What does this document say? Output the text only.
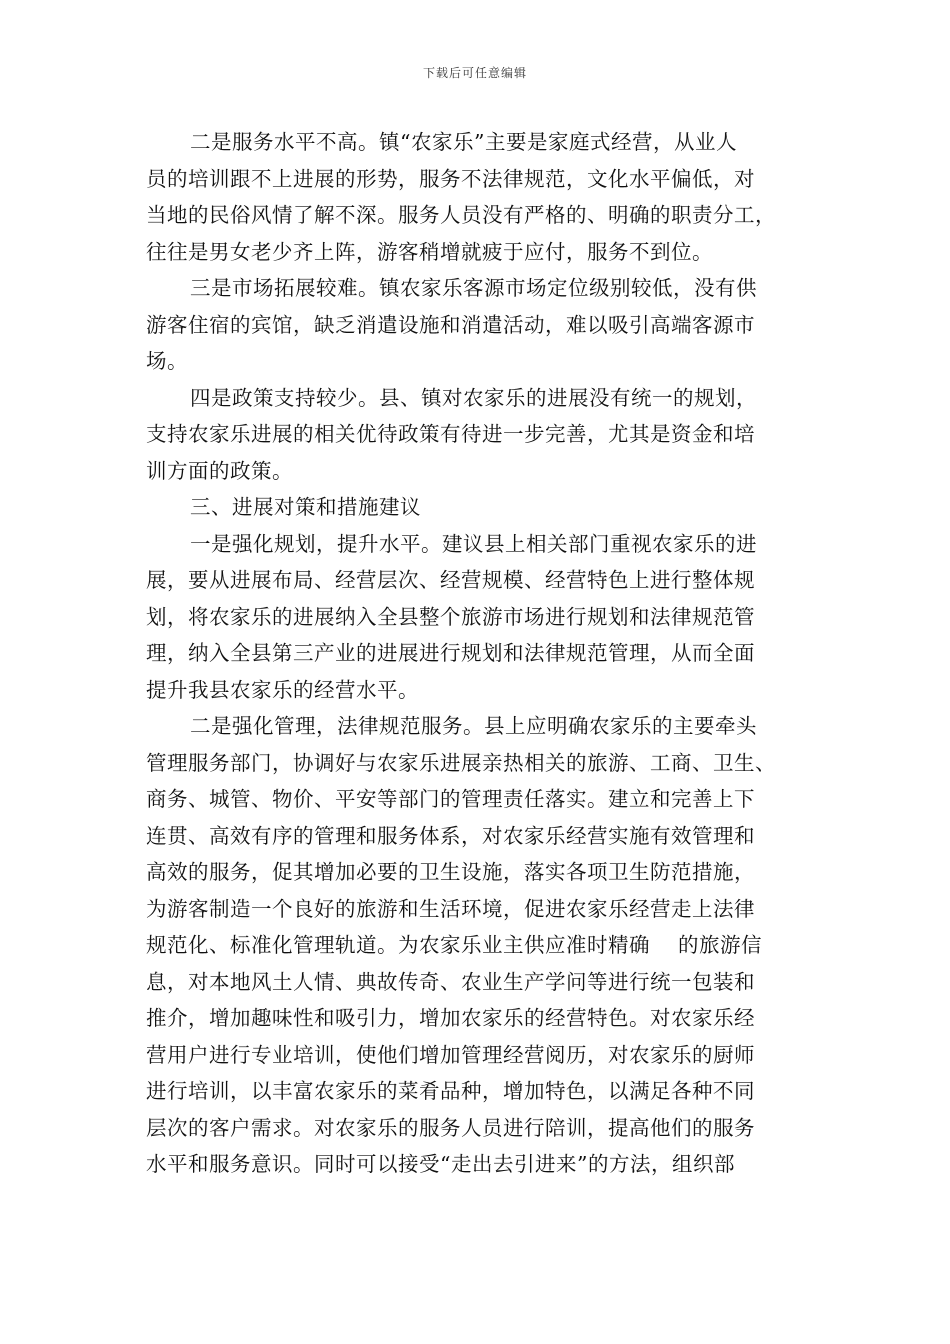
下载后可任意编辑
二是服务水平不高。镇“农家乐”主要是家庭式经营，从业人
员的培训跟不上进展的形势，服务不法律规范，文化水平偏低，对
当地的民俗风情了解不深。服务人员没有严格的、明确的职责分工，
往往是男女老少齐上阵，游客稍增就疲于应付，服务不到位。
三是市场拓展较难。镇农家乐客源市场定位级别较低，没有供
游客住宿的宾馆，缺乏消遣设施和消遣活动，难以吸引高端客源市
场。
四是政策支持较少。县、镇对农家乐的进展没有统一的规划，
支持农家乐进展的相关优待政策有待进一步完善，尤其是资金和培
训方面的政策。
三、进展对策和措施建议
一是强化规划，提升水平。建议县上相关部门重视农家乐的进
展，要从进展布局、经营层次、经营规模、经营特色上进行整体规
划，将农家乐的进展纳入全县整个旅游市场进行规划和法律规范管
理，纳入全县第三产业的进展进行规划和法律规范管理，从而全面
提升我县农家乐的经营水平。
二是强化管理，法律规范服务。县上应明确农家乐的主要牵头
管理服务部门，协调好与农家乐进展亲热相关的旅游、工商、卫生、
商务、城管、物价、平安等部门的管理责任落实。建立和完善上下
连贯、高效有序的管理和服务体系，对农家乐经营实施有效管理和
高效的服务，促其增加必要的卫生设施，落实各项卫生防范措施，
为游客制造一个良好的旅游和生活环境，促进农家乐经营走上法律
规范化、标准化管理轨道。为农家乐业主供应准时精确　 的旅游信
息，对本地风土人情、典故传奇、农业生产学问等进行统一包装和
推介，增加趣味性和吸引力，增加农家乐的经营特色。对农家乐经
营用户进行专业培训，使他们增加管理经营阅历，对农家乐的厨师
进行培训，以丰富农家乐的菜肴品种，增加特色，以满足各种不同
层次的客户需求。对农家乐的服务人员进行陪训，提高他们的服务
水平和服务意识。同时可以接受“走出去引进来”的方法，组织部
